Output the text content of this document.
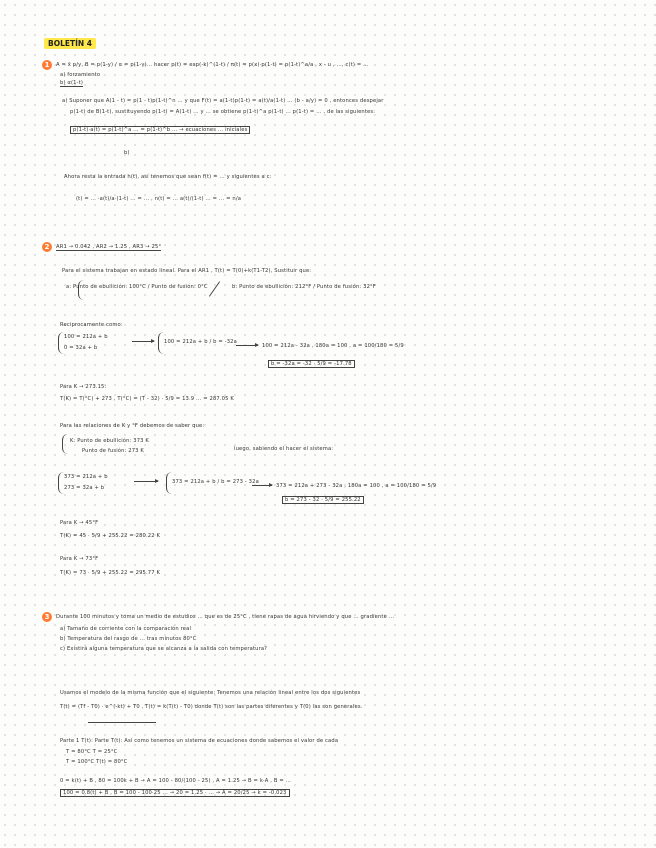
BOLETÍN 4
1	A = x̄ p/y, B = p(1-y) / α = p(1-γ)... hacer p(t) = exp(-k)^(1-t) / π(t) = p(x)·p(1-t) = p(1-t)^a/a , x - u , ..., c(t) = ...
a) forzamiento
b) α(1-t)
a) Suponer que A(1 - t) = p(1 - t)p(1-t)^n ... y que F(t) = a(1-t)p(1-t) = a(t)/a(1-t) ... (b - a/y) = 0 , entonces despejar
p(1-t) de B(1-t), sustituyendo p(1-t) = A(1-t) ... y ... se obtiene p(1-t)^a p(1-t) ... p(1-t) = ... , de las siguientes:
p(1-t)·a(t) = p(1-t)^a ... = p(1-t)^b ... → ecuaciones ... iniciales
b)
Ahora resta la entrada h(t), así tenemos que sean f(t) = ... y siguientes a c:
(t) = ... ·a(t)/a·(1-t) ... = ... , n(t) = ... a(t)/(1-t) ... = ... = n/a
2	AR1 → 0.042 , AR2 → 1.25 , AR3 → 25°
Para el sistema trabajan en estado lineal. Para el AR1 , T(t) = T(0)+k(T1-T2), Sustituir que:
a: Punto de ebullición: 100°C / Punto de fusión: 0°C	b: Punto de ebullición: 212°F / Punto de fusión: 32°F
Reciprocamente como:
100 = 212a + b
0 = 32a + b
100 = 212a + b / b = -32a
100 = 212a - 32a , 180a = 100 , a = 100/180 = 5/9
b = -32a = -32 · 5/9 = -17.78
Para K → 273.15:
T(K) = T(°C) + 273 , T(°C) = (T - 32) · 5/9 = 13.9 ... = 287.05 K
Para las relaciones de K y °F debemos de saber que:
K: Punto de ebullición: 373 K
Punto de fusión: 273 K	luego, sabiendo el hacer el sistema:
373 = 212a + b
273 = 32a + b
373 = 212a + b / b = 273 - 32a
373 = 212a + 273 - 32a , 180a = 100 , a = 100/180 = 5/9
b = 273 - 32 · 5/9 = 255.22
Para K → 45°F
T(K) = 45 · 5/9 + 255.22 = 280.22 K
Para K → 73°F
T(K) = 73 · 5/9 + 255.22 = 295.77 K
3	Durante 100 minutos y toma un medio de estudios ... que es de 25°C , tiene rapas de agua hirviendo y que ... gradiente ...
a) Tamaño de corriente con la comparación real
b) Temperatura del rasgo de ... tras minutos 80°C
c) Existirá alguna temperatura que se alcanza a la salida con temperatura?
Usamos el modelo de la misma función que el siguiente: Tenemos una relación lineal entre los dos siguientes
T(t) = (Tf - T0) · e^(-kt) + T0 , T(t) = k(T(t) - T0) donde T(t) son las partes diferentes y T(0) las son generales.
Parte 1 T(t): Parte T(t): Así como tenemos un sistema de ecuaciones donde sabemos el valor de cada
T = 80°C T = 25°C
T = 100°C T(t) = 80°C
0 = k(t) + B , 80 = 100k + B → A = 100 - 80/(100 - 25) , A = 1.25 → B = k·A , B = ...
100 = 0.8(t) + B , B = 100 - 100·25 ... → 20 = 1.25 · ... → A = 20/25 → k = -0.023
